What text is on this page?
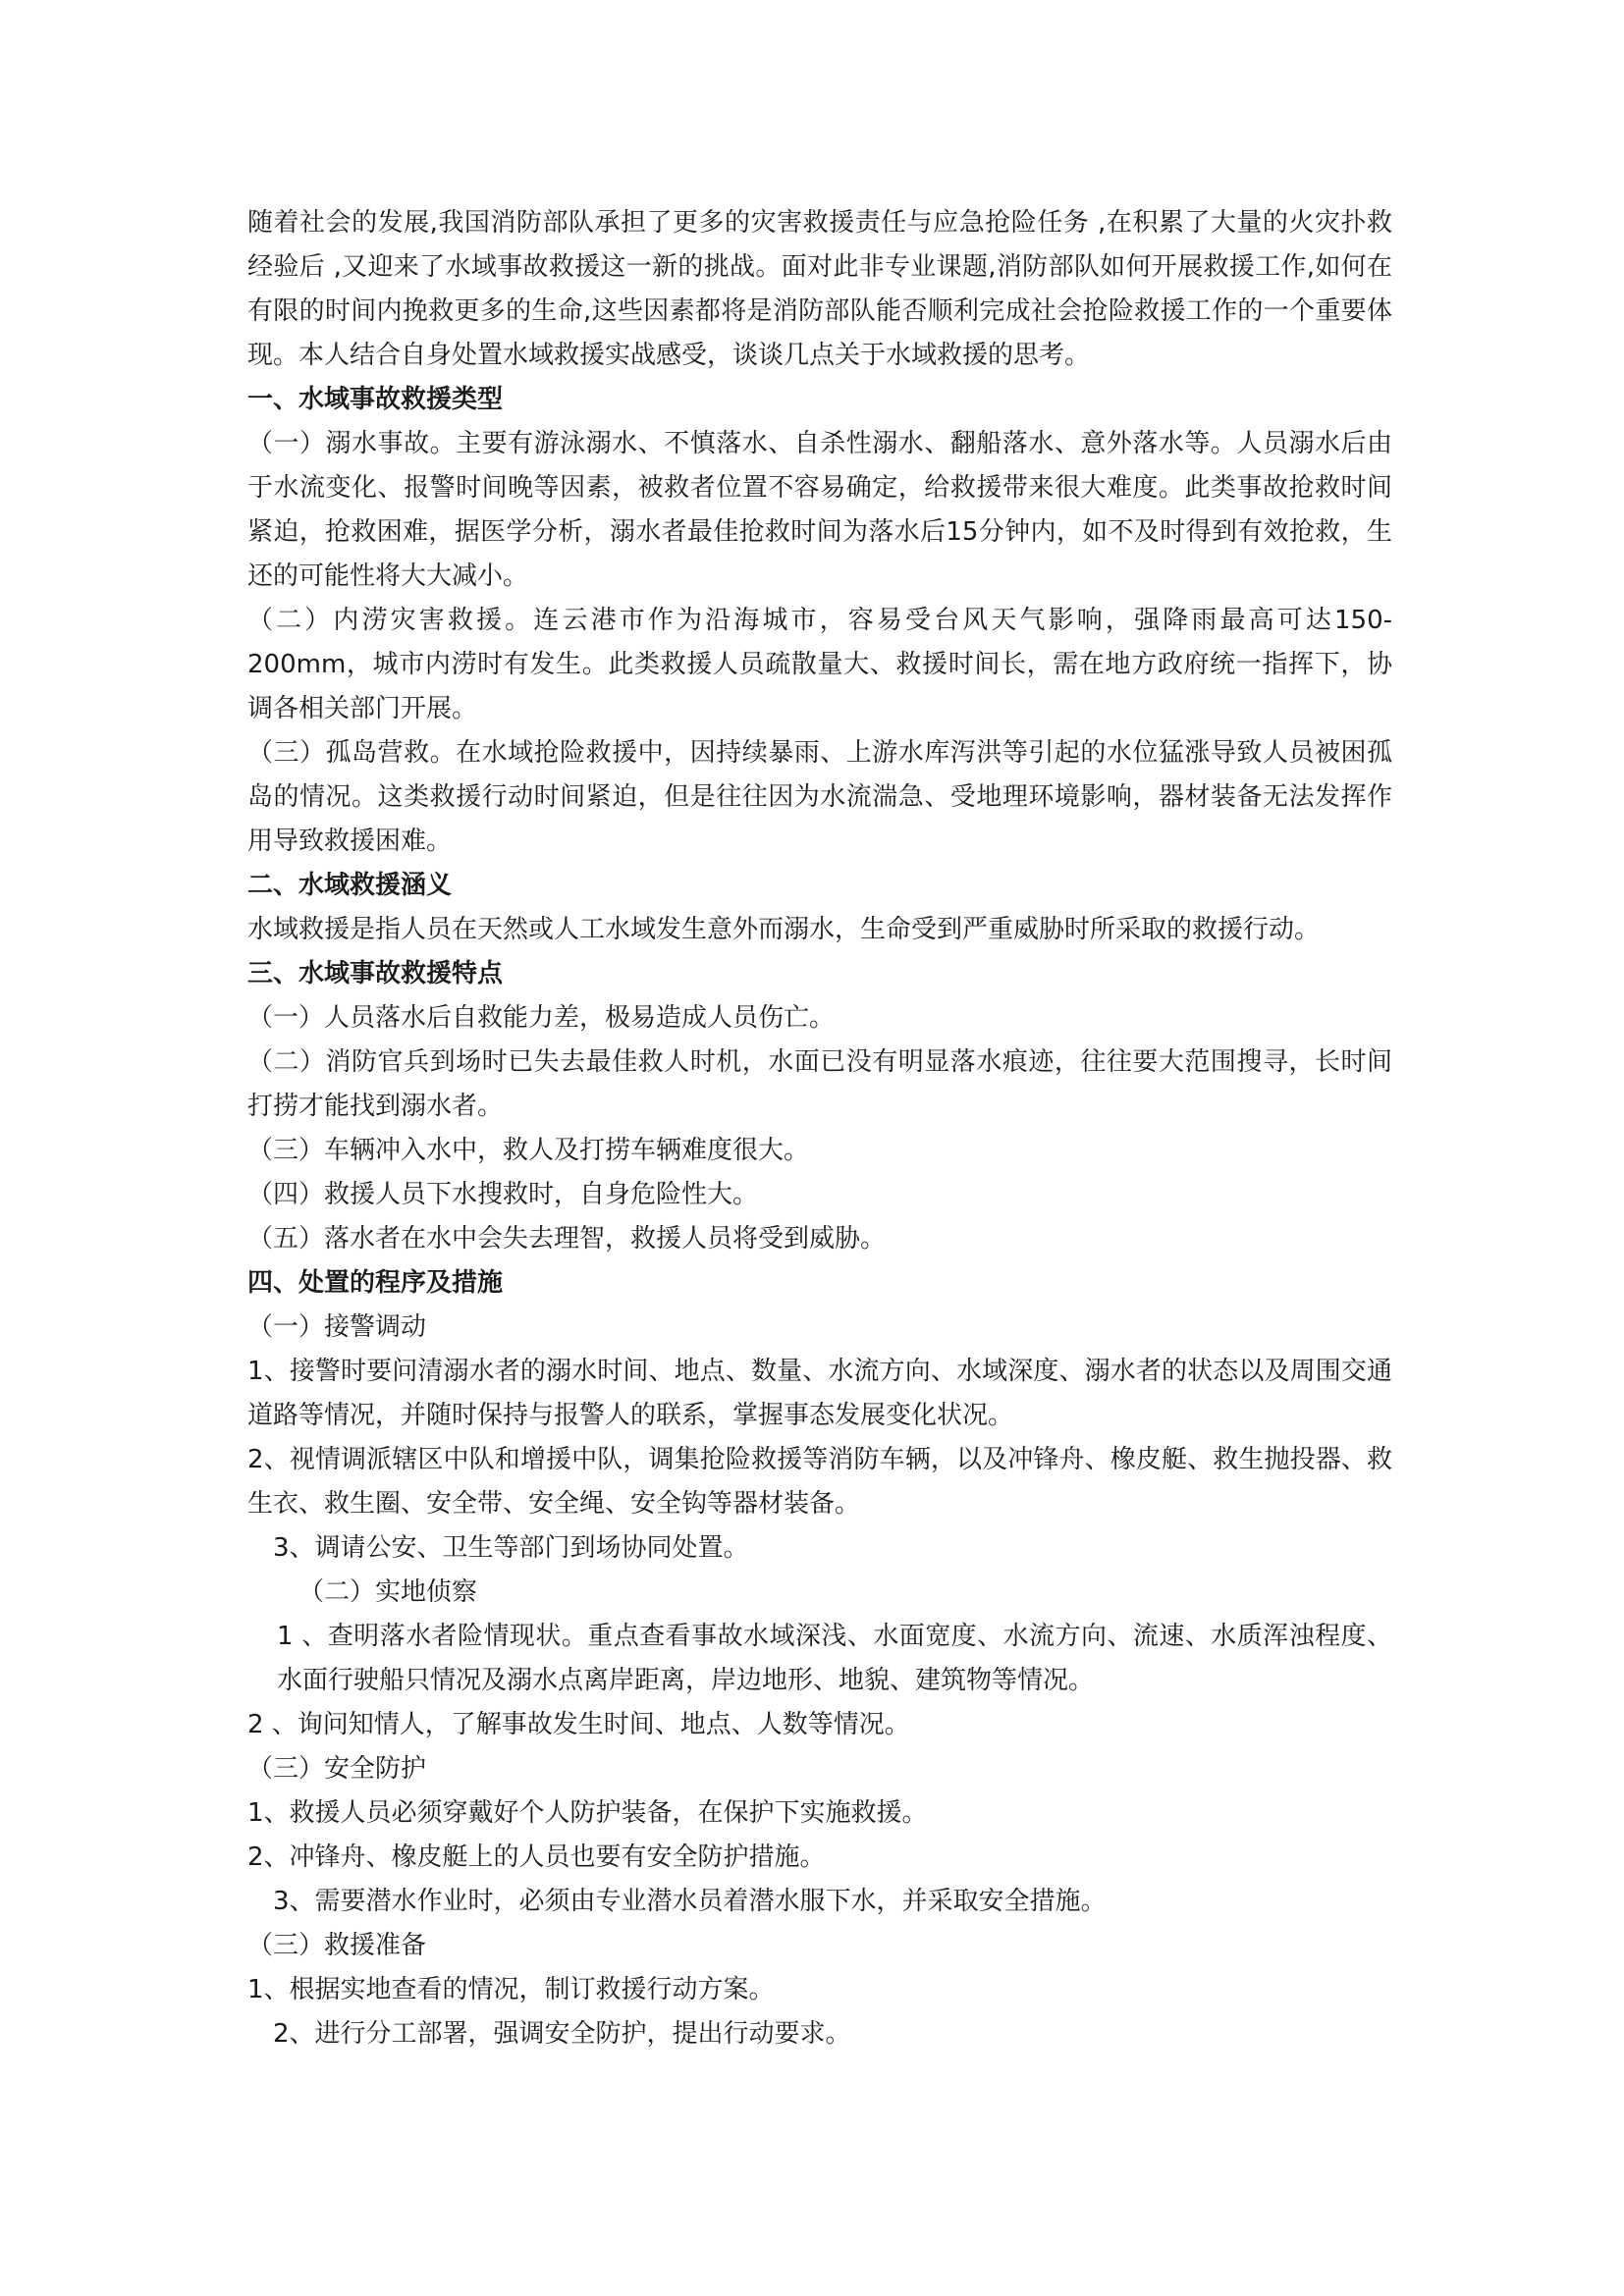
随着社会的发展,我国消防部队承担了更多的灾害救援责任与应急抢险任务 ,在积累了大量的火灾扑救经验后 ,又迎来了水域事故救援这一新的挑战。面对此非专业课题,消防部队如何开展救援工作,如何在有限的时间内挽救更多的生命,这些因素都将是消防部队能否顺利完成社会抢险救援工作的一个重要体现。本人结合自身处置水域救援实战感受，谈谈几点关于水域救援的思考。

一、水域事故救援类型

（一）溺水事故。主要有游泳溺水、不慎落水、自杀性溺水、翻船落水、意外落水等。人员溺水后由于水流变化、报警时间晚等因素，被救者位置不容易确定，给救援带来很大难度。此类事故抢救时间紧迫，抢救困难，据医学分析，溺水者最佳抢救时间为落水后15分钟内，如不及时得到有效抢救，生还的可能性将大大减小。

（二）内涝灾害救援。连云港市作为沿海城市，容易受台风天气影响，强降雨最高可达150-200mm，城市内涝时有发生。此类救援人员疏散量大、救援时间长，需在地方政府统一指挥下，协调各相关部门开展。

（三）孤岛营救。在水域抢险救援中，因持续暴雨、上游水库泻洪等引起的水位猛涨导致人员被困孤岛的情况。这类救援行动时间紧迫，但是往往因为水流湍急、受地理环境影响，器材装备无法发挥作用导致救援困难。

二、水域救援涵义

水域救援是指人员在天然或人工水域发生意外而溺水，生命受到严重威胁时所采取的救援行动。

三、水域事故救援特点

（一）人员落水后自救能力差，极易造成人员伤亡。

（二）消防官兵到场时已失去最佳救人时机，水面已没有明显落水痕迹，往往要大范围搜寻，长时间打捞才能找到溺水者。

（三）车辆冲入水中，救人及打捞车辆难度很大。

（四）救援人员下水搜救时，自身危险性大。

（五）落水者在水中会失去理智，救援人员将受到威胁。

四、处置的程序及措施

（一）接警调动

1、接警时要问清溺水者的溺水时间、地点、数量、水流方向、水域深度、溺水者的状态以及周围交通道路等情况，并随时保持与报警人的联系，掌握事态发展变化状况。

2、视情调派辖区中队和增援中队，调集抢险救援等消防车辆，以及冲锋舟、橡皮艇、救生抛投器、救生衣、救生圈、安全带、安全绳、安全钩等器材装备。

3、调请公安、卫生等部门到场协同处置。

（二）实地侦察

1 、查明落水者险情现状。重点查看事故水域深浅、水面宽度、水流方向、流速、水质浑浊程度、水面行驶船只情况及溺水点离岸距离，岸边地形、地貌、建筑物等情况。

2 、询问知情人，了解事故发生时间、地点、人数等情况。

（三）安全防护

1、救援人员必须穿戴好个人防护装备，在保护下实施救援。

2、冲锋舟、橡皮艇上的人员也要有安全防护措施。

3、需要潜水作业时，必须由专业潜水员着潜水服下水，并采取安全措施。

（三）救援准备

1、根据实地查看的情况，制订救援行动方案。

2、进行分工部署，强调安全防护，提出行动要求。
